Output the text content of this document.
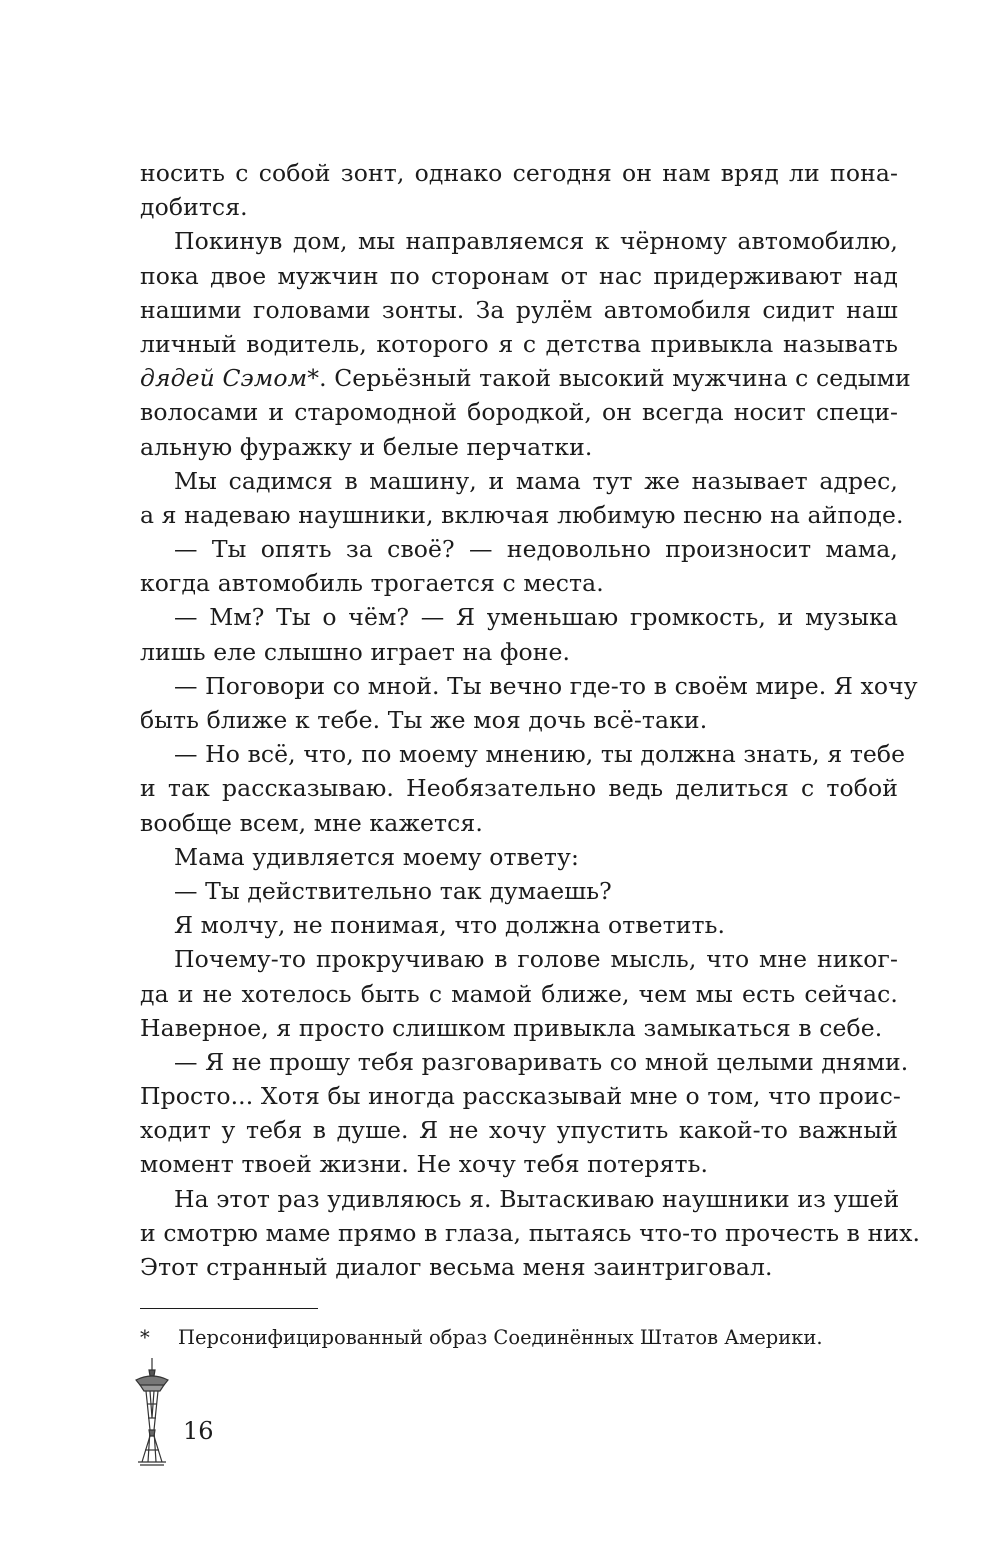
носить с собой зонт, однако сегодня он нам вряд ли пона-
добится.
Покинув дом, мы направляемся к чёрному автомобилю,
пока двое мужчин по сторонам от нас придерживают над
нашими головами зонты. За рулём автомобиля сидит наш
личный водитель, которого я с детства привыкла называть
дядей Сэмом*. Серьёзный такой высокий мужчина с седыми
волосами и старомодной бородкой, он всегда носит специ-
альную фуражку и белые перчатки.
Мы садимся в машину, и мама тут же называет адрес,
а я надеваю наушники, включая любимую песню на айподе.
— Ты опять за своё? — недовольно произносит мама,
когда автомобиль трогается с места.
— Мм? Ты о чём? — Я уменьшаю громкость, и музыка
лишь еле слышно играет на фоне.
— Поговори со мной. Ты вечно где-то в своём мире. Я хочу
быть ближе к тебе. Ты же моя дочь всё-таки.
— Но всё, что, по моему мнению, ты должна знать, я тебе
и так рассказываю. Необязательно ведь делиться с тобой
вообще всем, мне кажется.
Мама удивляется моему ответу:
— Ты действительно так думаешь?
Я молчу, не понимая, что должна ответить.
Почему-то прокручиваю в голове мысль, что мне никог-
да и не хотелось быть с мамой ближе, чем мы есть сейчас.
Наверное, я просто слишком привыкла замыкаться в себе.
— Я не прошу тебя разговаривать со мной целыми днями.
Просто... Хотя бы иногда рассказывай мне о том, что проис-
ходит у тебя в душе. Я не хочу упустить какой-то важный
момент твоей жизни. Не хочу тебя потерять.
На этот раз удивляюсь я. Вытаскиваю наушники из ушей
и смотрю маме прямо в глаза, пытаясь что-то прочесть в них.
Этот странный диалог весьма меня заинтриговал.
* Персонифицированный образ Соединённых Штатов Америки.
16
